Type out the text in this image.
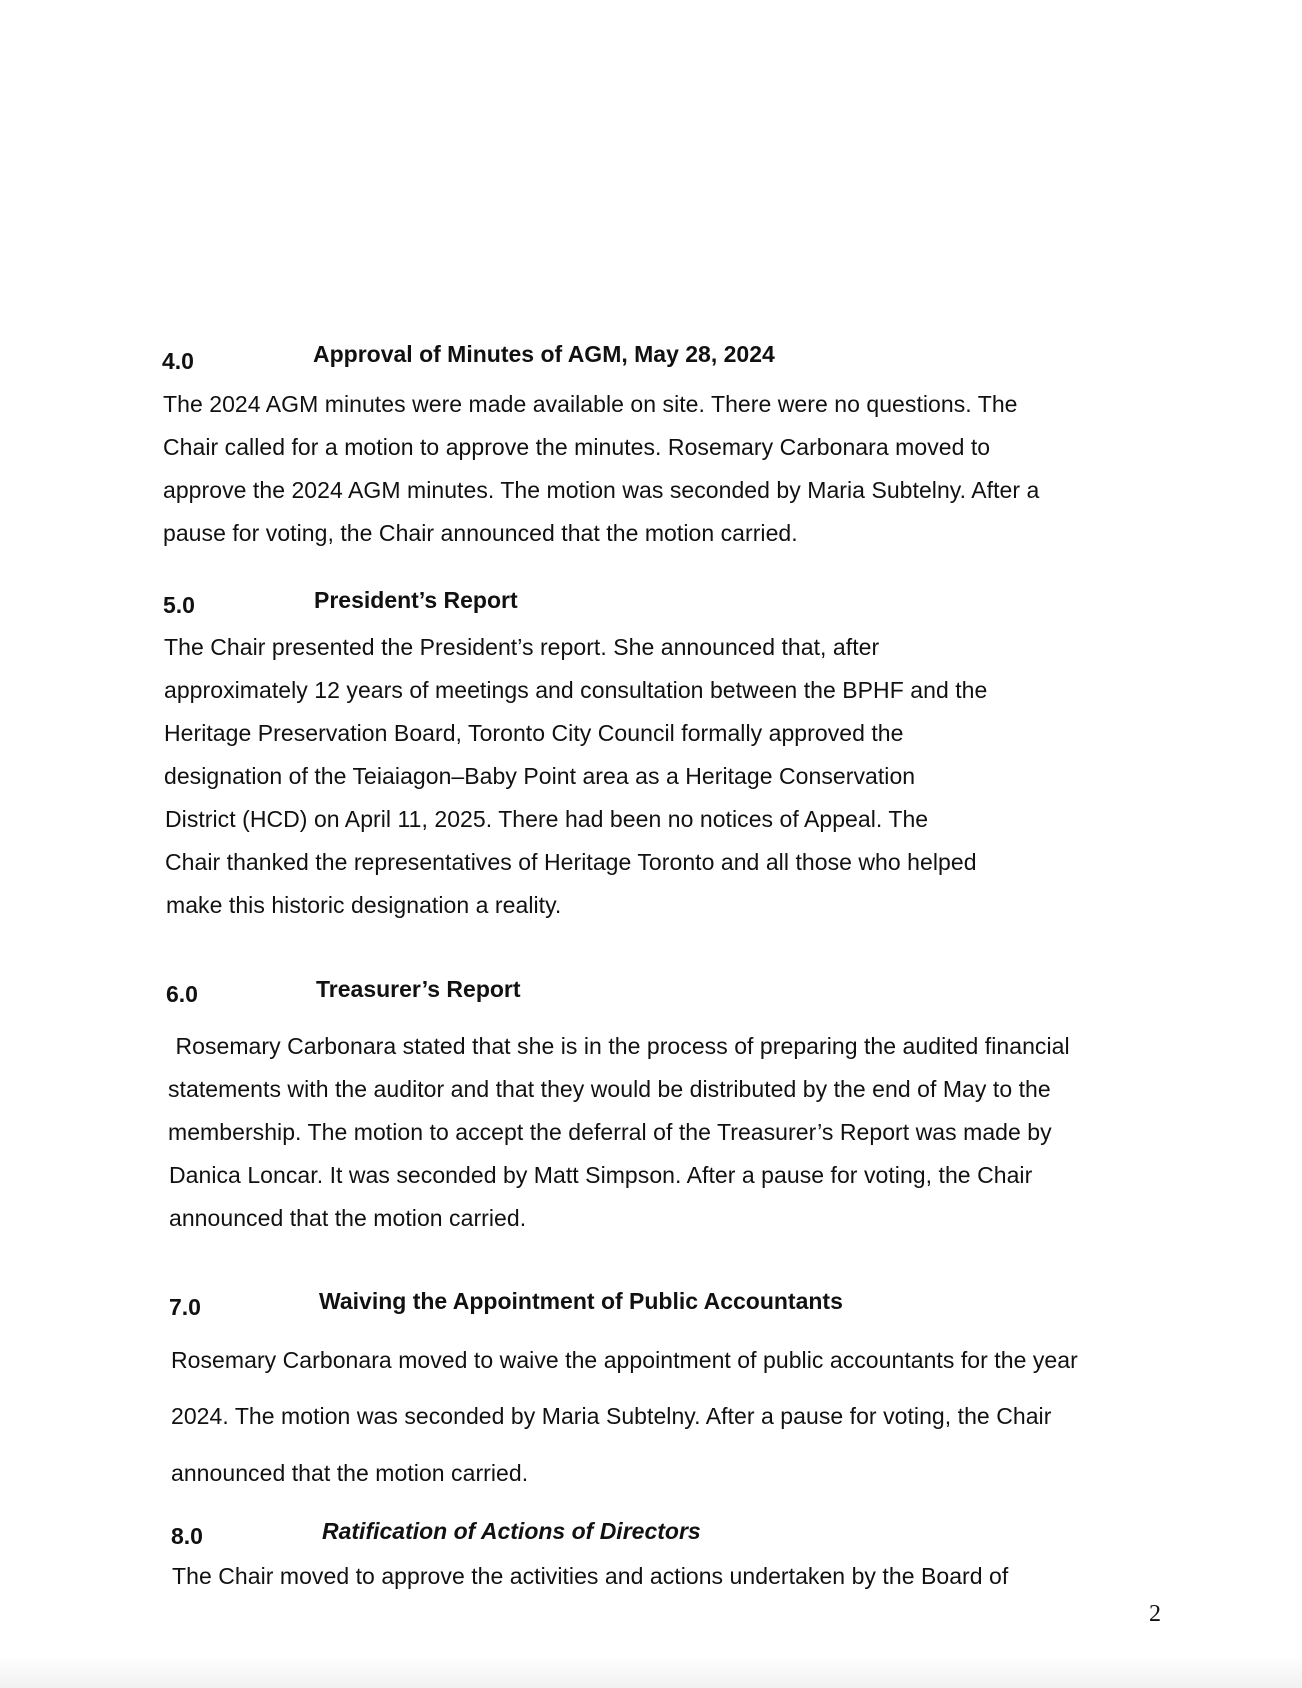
4.0	Approval of Minutes of AGM, May 28, 2024
The 2024 AGM minutes were made available on site. There were no questions. The
Chair called for a motion to approve the minutes. Rosemary Carbonara moved to
approve the 2024 AGM minutes. The motion was seconded by Maria Subtelny. After a
pause for voting, the Chair announced that the motion carried.
5.0	President’s Report
The Chair presented the President’s report. She announced that, after
approximately 12 years of meetings and consultation between the BPHF and the
Heritage Preservation Board, Toronto City Council formally approved the
designation of the Teiaiagon–Baby Point area as a Heritage Conservation
District (HCD) on April 11, 2025. There had been no notices of Appeal. The
Chair thanked the representatives of Heritage Toronto and all those who helped
make this historic designation a reality.
6.0	Treasurer’s Report
Rosemary Carbonara stated that she is in the process of preparing the audited financial
statements with the auditor and that they would be distributed by the end of May to the
membership. The motion to accept the deferral of the Treasurer’s Report was made by
Danica Loncar. It was seconded by Matt Simpson. After a pause for voting, the Chair
announced that the motion carried.
7.0	Waiving the Appointment of Public Accountants
Rosemary Carbonara moved to waive the appointment of public accountants for the year
2024. The motion was seconded by Maria Subtelny. After a pause for voting, the Chair
announced that the motion carried.
8.0	Ratification of Actions of Directors
The Chair moved to approve the activities and actions undertaken by the Board of
2
